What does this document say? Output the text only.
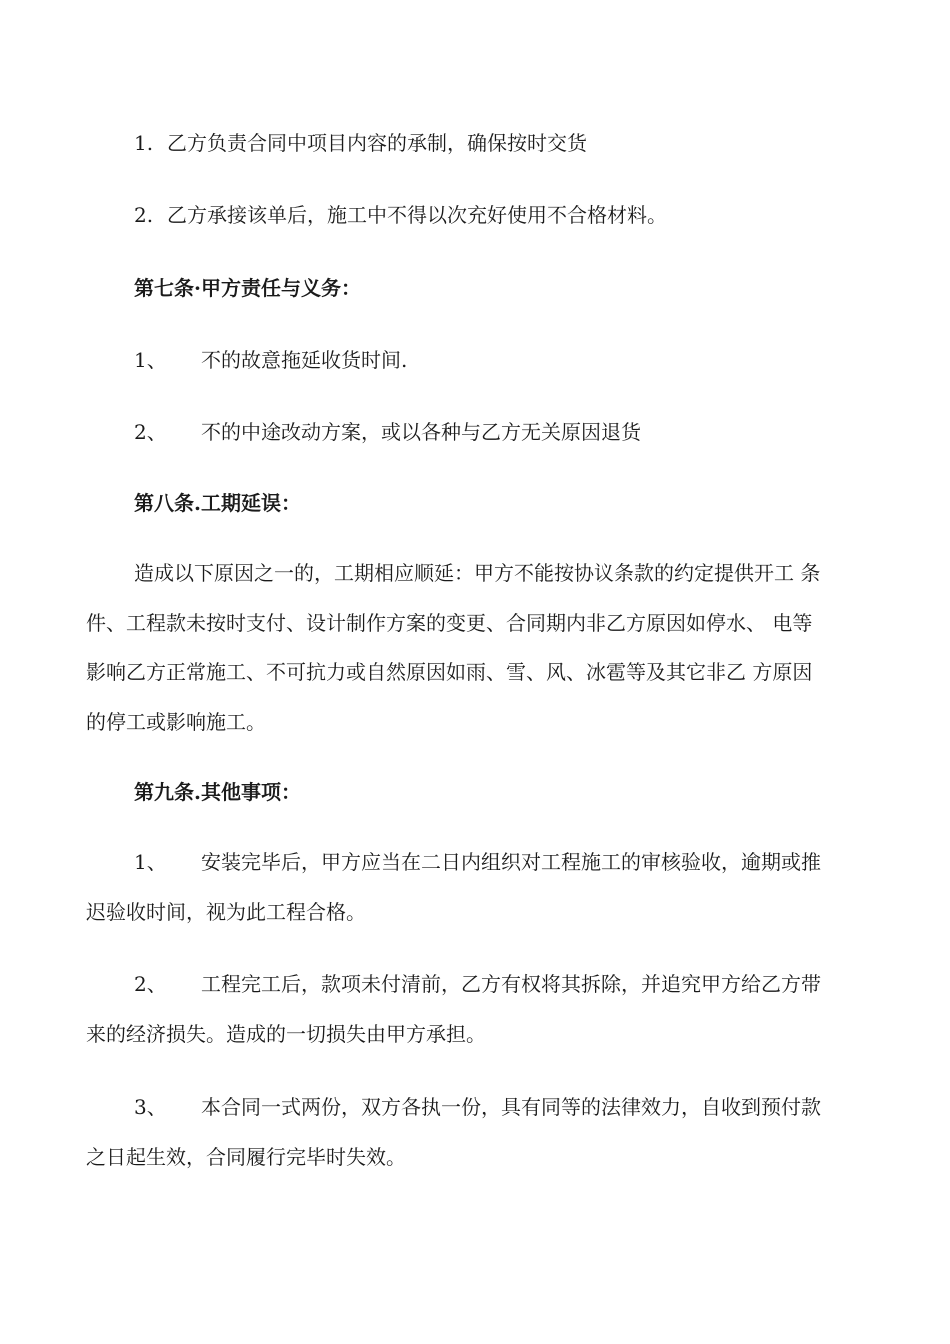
1. 乙方负责合同中项目内容的承制，确保按时交货
2. 乙方承接该单后，施工中不得以次充好使用不合格材料。
第七条·甲方责任与义务：
1、 不的故意拖延收货时间.
2、 不的中途改动方案，或以各种与乙方无关原因退货
第八条.工期延误：
造成以下原因之一的，工期相应顺延：甲方不能按协议条款的约定提供开工 条
件、工程款未按时支付、设计制作方案的变更、合同期内非乙方原因如停水、 电等
影响乙方正常施工、不可抗力或自然原因如雨、雪、风、冰雹等及其它非乙 方原因
的停工或影响施工。
第九条.其他事项：
1、 安装完毕后，甲方应当在二日内组织对工程施工的审核验收，逾期或推
迟验收时间，视为此工程合格。
2、 工程完工后，款项未付清前，乙方有权将其拆除，并追究甲方给乙方带
来的经济损失。造成的一切损失由甲方承担。
3、 本合同一式两份，双方各执一份，具有同等的法律效力，自收到预付款
之日起生效，合同履行完毕时失效。
